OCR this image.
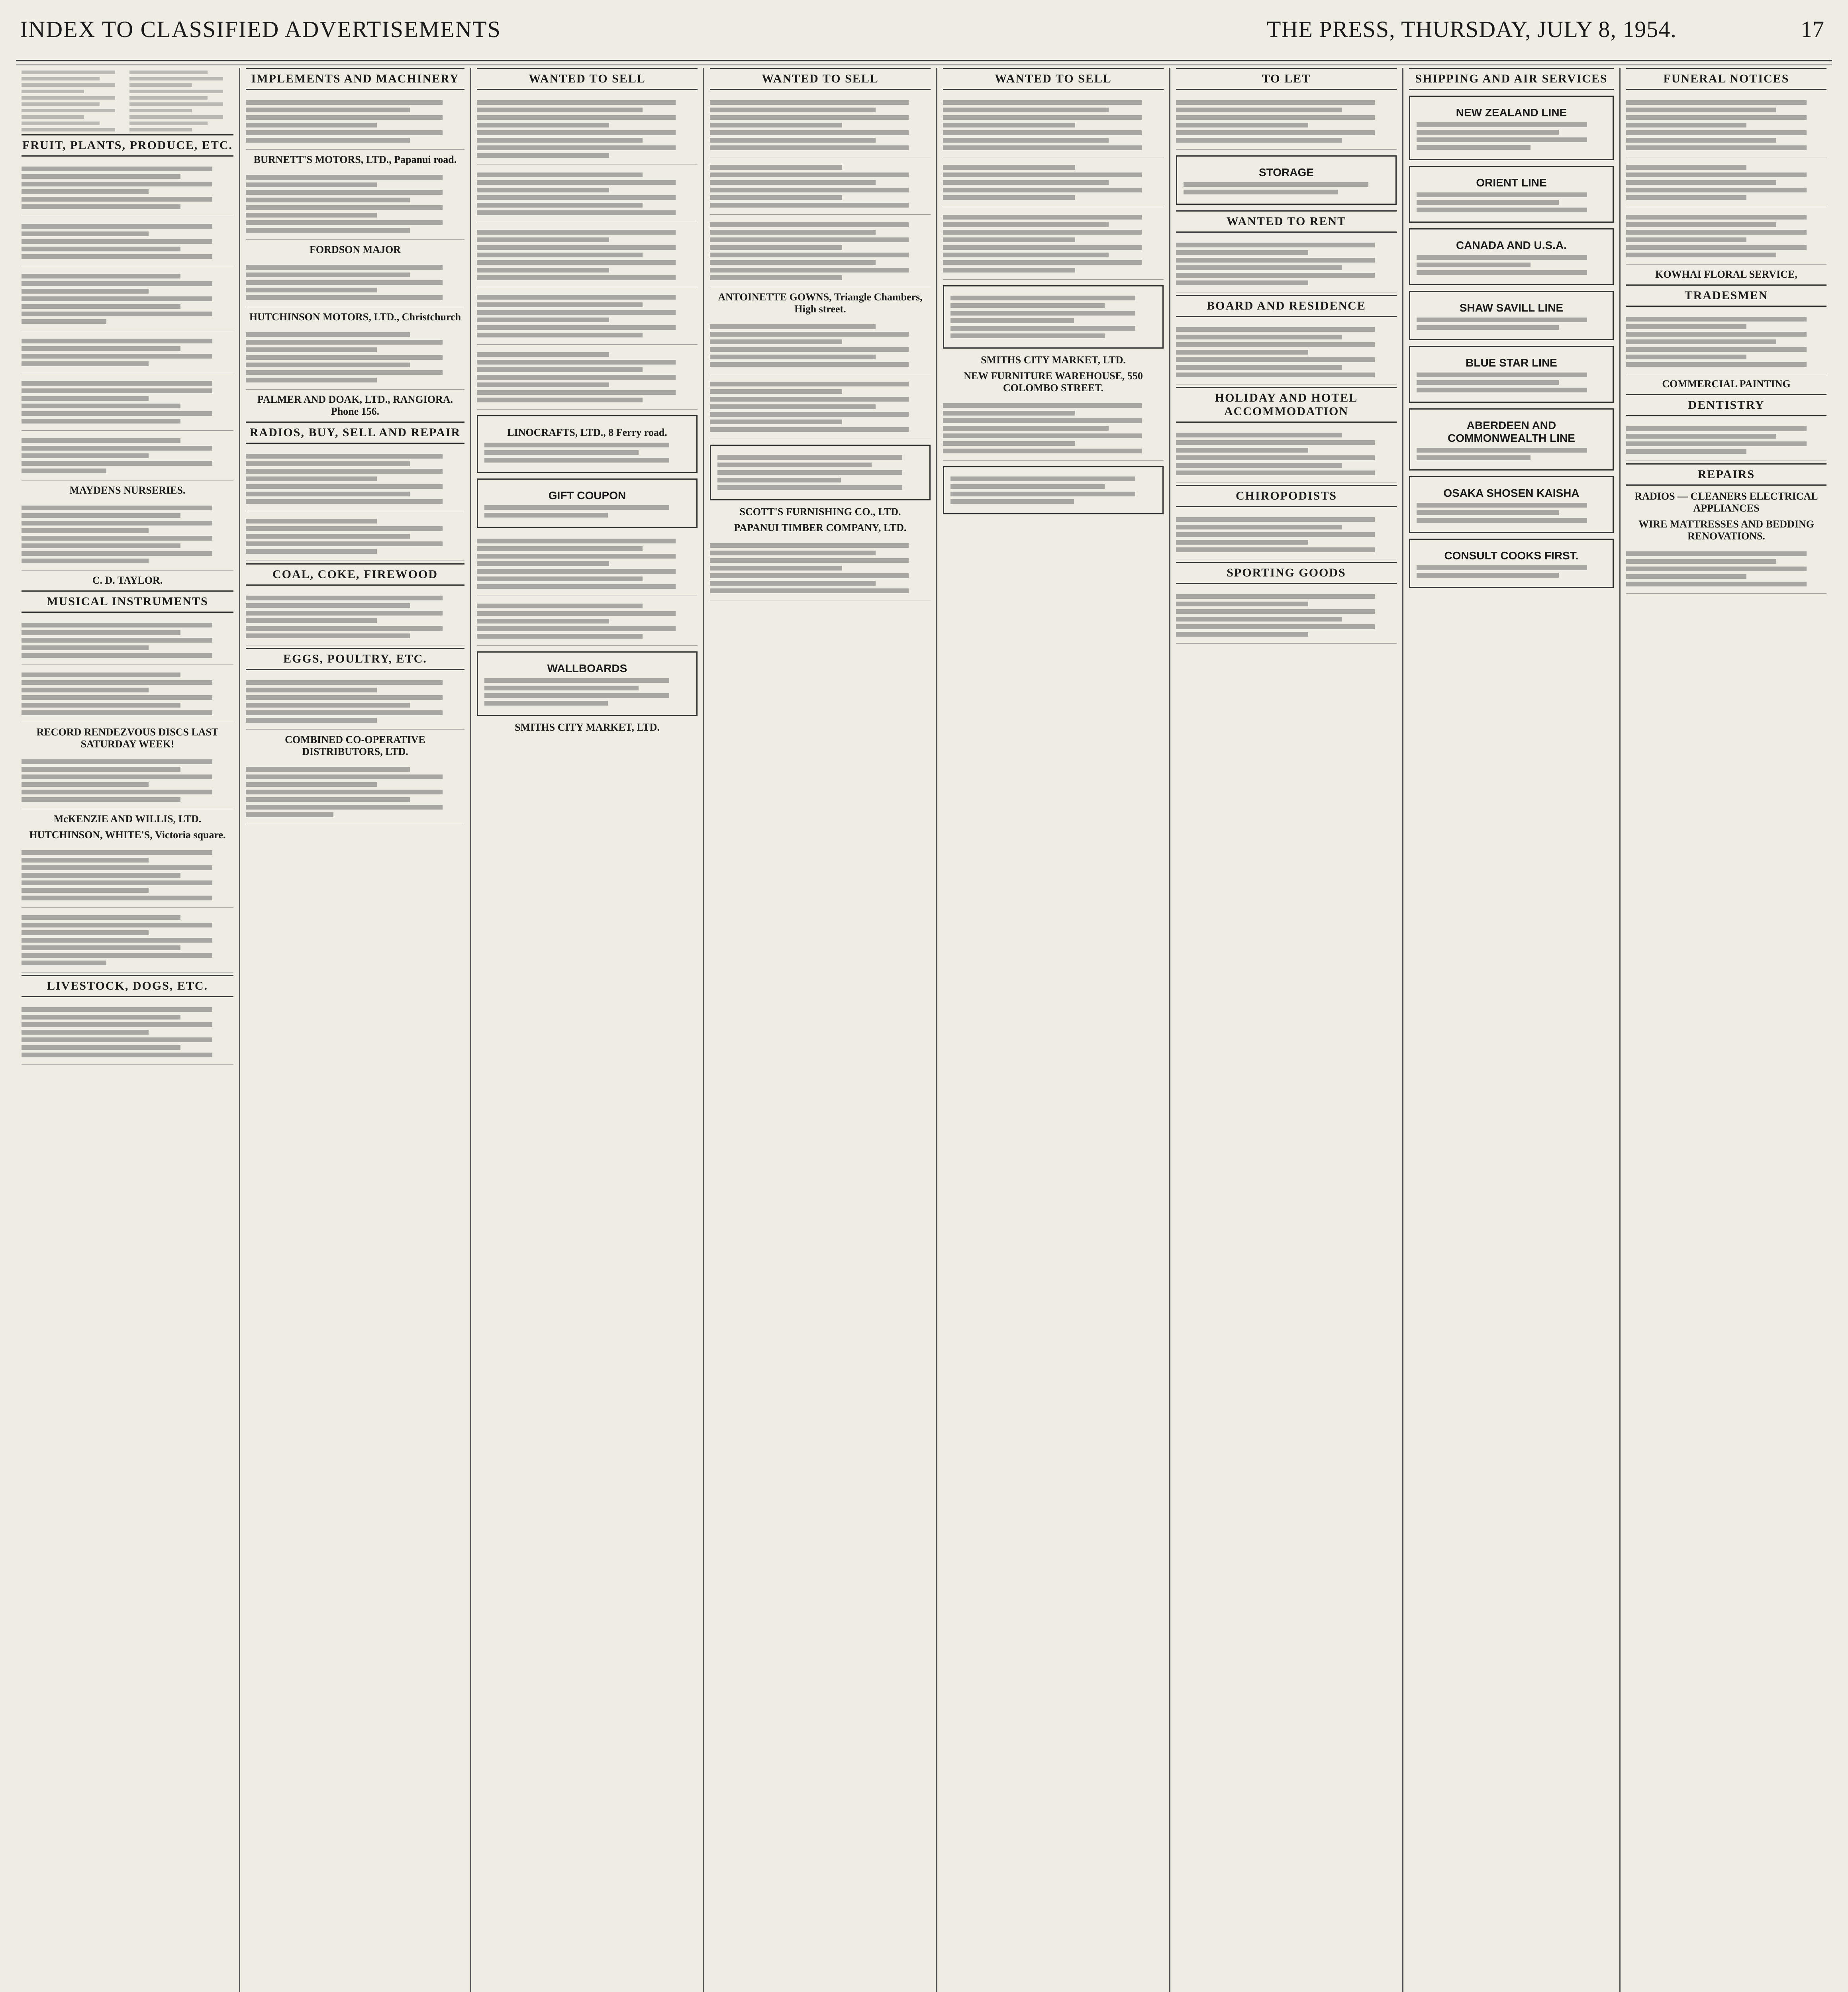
INDEX TO CLASSIFIED ADVERTISEMENTS	THE PRESS, THURSDAY, JULY 8, 1954.	17
FRUIT, PLANTS, PRODUCE, ETC.
MAYDENS NURSERIES.
C. D. TAYLOR.
MUSICAL INSTRUMENTS
RECORD RENDEZVOUS DISCS LAST SATURDAY WEEK!
McKENZIE AND WILLIS, LTD.
HUTCHINSON, WHITE'S, Victoria square.
LIVESTOCK, DOGS, ETC.
IMPLEMENTS AND MACHINERY
BURNETT'S MOTORS, LTD., Papanui road.
FORDSON MAJOR
HUTCHINSON MOTORS, LTD., Christchurch
PALMER AND DOAK, LTD., RANGIORA. Phone 156.
RADIOS, BUY, SELL AND REPAIR
COAL, COKE, FIREWOOD
EGGS, POULTRY, ETC.
COMBINED CO-OPERATIVE DISTRIBUTORS, LTD.
WANTED TO SELL
LINOCRAFTS, LTD., 8 Ferry road.
GIFT COUPON
WALLBOARDS
SMITHS CITY MARKET, LTD.
WANTED TO SELL
ANTOINETTE GOWNS, Triangle Chambers, High street.
SCOTT'S FURNISHING CO., LTD.
PAPANUI TIMBER COMPANY, LTD.
WANTED TO SELL
SMITHS CITY MARKET, LTD.
NEW FURNITURE WAREHOUSE, 550 COLOMBO STREET.
TO LET
STORAGE
WANTED TO RENT
BOARD AND RESIDENCE
HOLIDAY AND HOTEL ACCOMMODATION
CHIROPODISTS
SPORTING GOODS
SHIPPING AND AIR SERVICES
NEW ZEALAND LINE
ORIENT LINE
CANADA AND U.S.A.
SHAW SAVILL LINE
BLUE STAR LINE
ABERDEEN AND COMMONWEALTH LINE
OSAKA SHOSEN KAISHA
CONSULT COOKS FIRST.
FUNERAL NOTICES
KOWHAI FLORAL SERVICE,
TRADESMEN
COMMERCIAL PAINTING
DENTISTRY
REPAIRS
RADIOS — CLEANERS ELECTRICAL APPLIANCES
WIRE MATTRESSES AND BEDDING RENOVATIONS.
